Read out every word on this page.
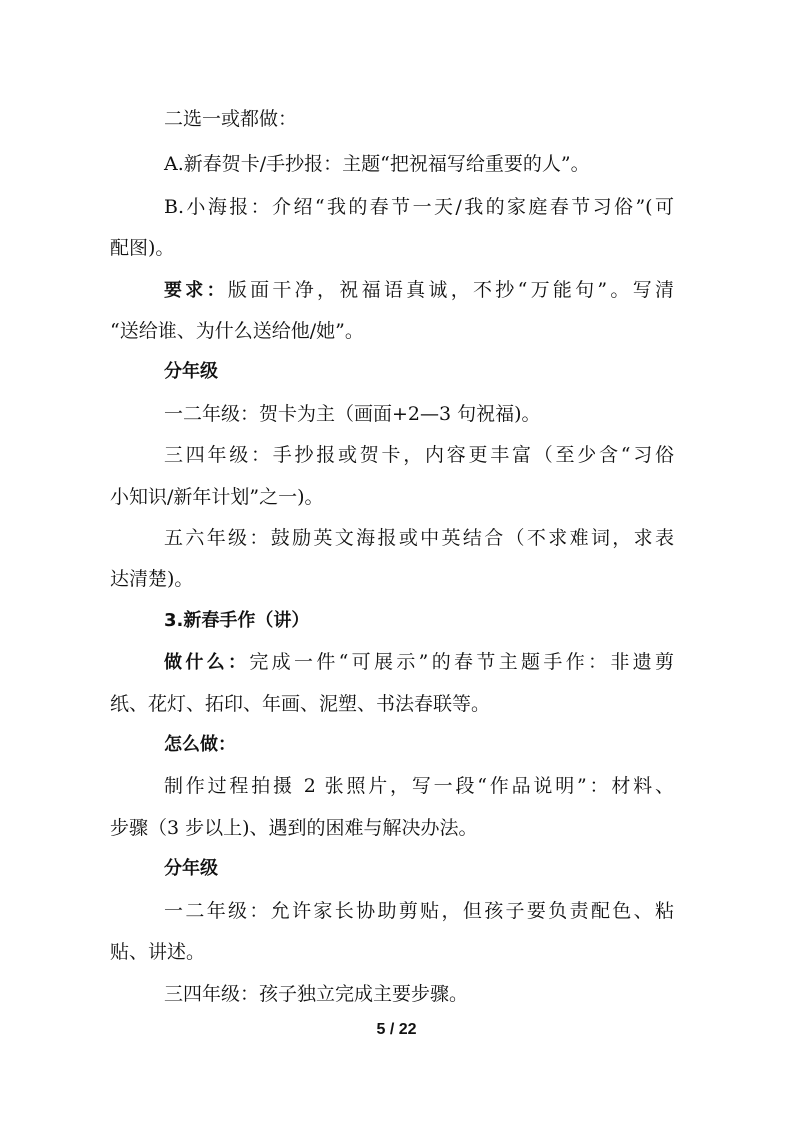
二选一或都做：
A.新春贺卡/手抄报：主题“把祝福写给重要的人”。
B.小海报：介绍“我的春节一天/我的家庭春节习俗”(可
配图)。
要求：版面干净，祝福语真诚，不抄“万能句”。写清
“送给谁、为什么送给他/她”。
分年级
一二年级：贺卡为主（画面+2—3 句祝福)。
三四年级：手抄报或贺卡，内容更丰富（至少含“习俗
小知识/新年计划”之一)。
五六年级：鼓励英文海报或中英结合（不求难词，求表
达清楚)。
3.新春手作（讲）
做什么：完成一件“可展示”的春节主题手作：非遗剪
纸、花灯、拓印、年画、泥塑、书法春联等。
怎么做：
制作过程拍摄 2 张照片，写一段“作品说明”：材料、
步骤（3 步以上)、遇到的困难与解决办法。
分年级
一二年级：允许家长协助剪贴，但孩子要负责配色、粘
贴、讲述。
三四年级：孩子独立完成主要步骤。
5 / 22
